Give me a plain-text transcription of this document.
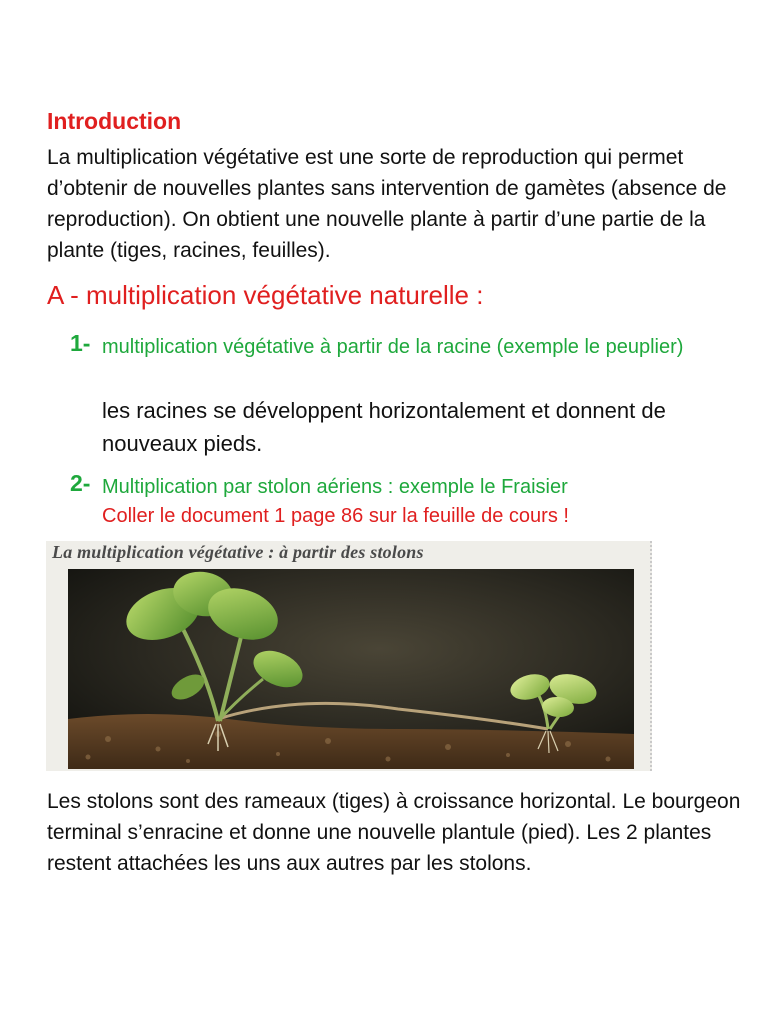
Introduction
La multiplication végétative est une sorte de reproduction qui permet d’obtenir de nouvelles plantes sans intervention de gamètes (absence de reproduction). On obtient une nouvelle plante à partir d’une partie de la plante (tiges, racines, feuilles).
A - multiplication végétative naturelle :
1- multiplication végétative à partir de la racine (exemple le peuplier)
les racines se développent horizontalement et donnent de nouveaux pieds.
2- Multiplication par stolon aériens : exemple le Fraisier
Coller le document 1 page 86 sur la feuille de cours !
La multiplication végétative : à partir des stolons
Les stolons sont des rameaux (tiges) à croissance horizontal. Le bourgeon terminal s’enracine et donne une nouvelle plantule (pied). Les 2 plantes restent attachées les uns aux autres par les stolons.
